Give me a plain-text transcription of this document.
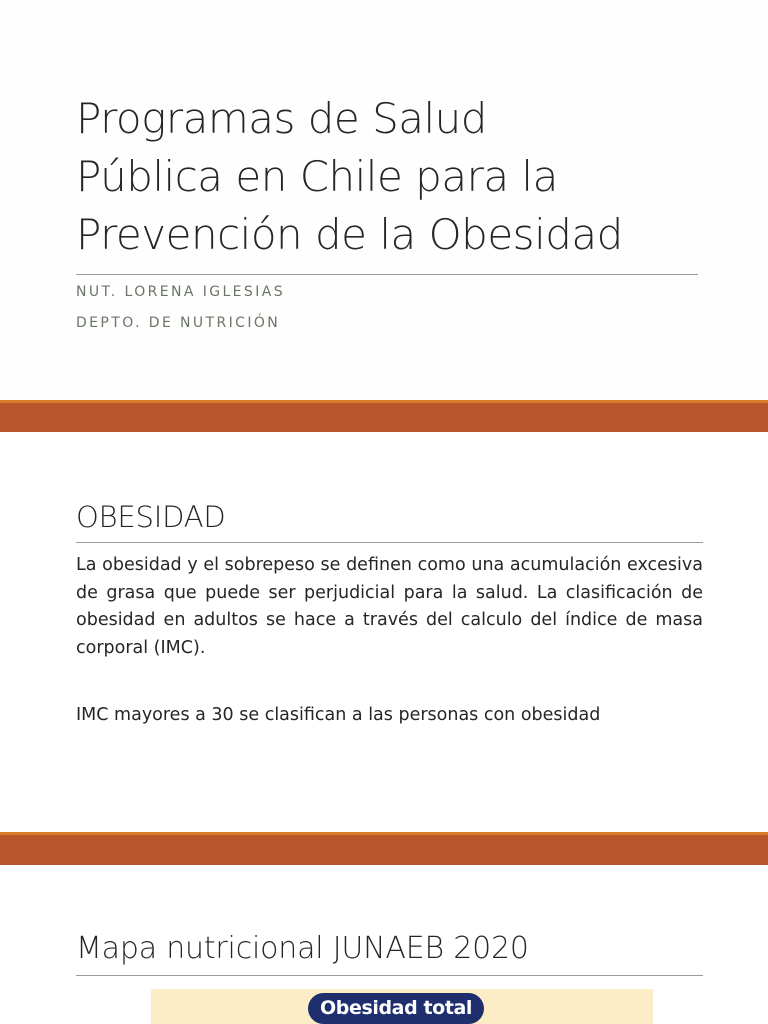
Programas de Salud
Pública en Chile para la
Prevención de la Obesidad
NUT. LORENA IGLESIAS
DEPTO. DE NUTRICIÓN
OBESIDAD

La obesidad y el sobrepeso se definen como una acumulación excesiva de grasa que puede ser perjudicial para la salud. La clasificación de obesidad en adultos se hace a través del calculo del índice de masa corporal (IMC).

IMC mayores a 30 se clasifican a las personas con obesidad

Mapa nutricional JUNAEB 2020
Obesidad total
